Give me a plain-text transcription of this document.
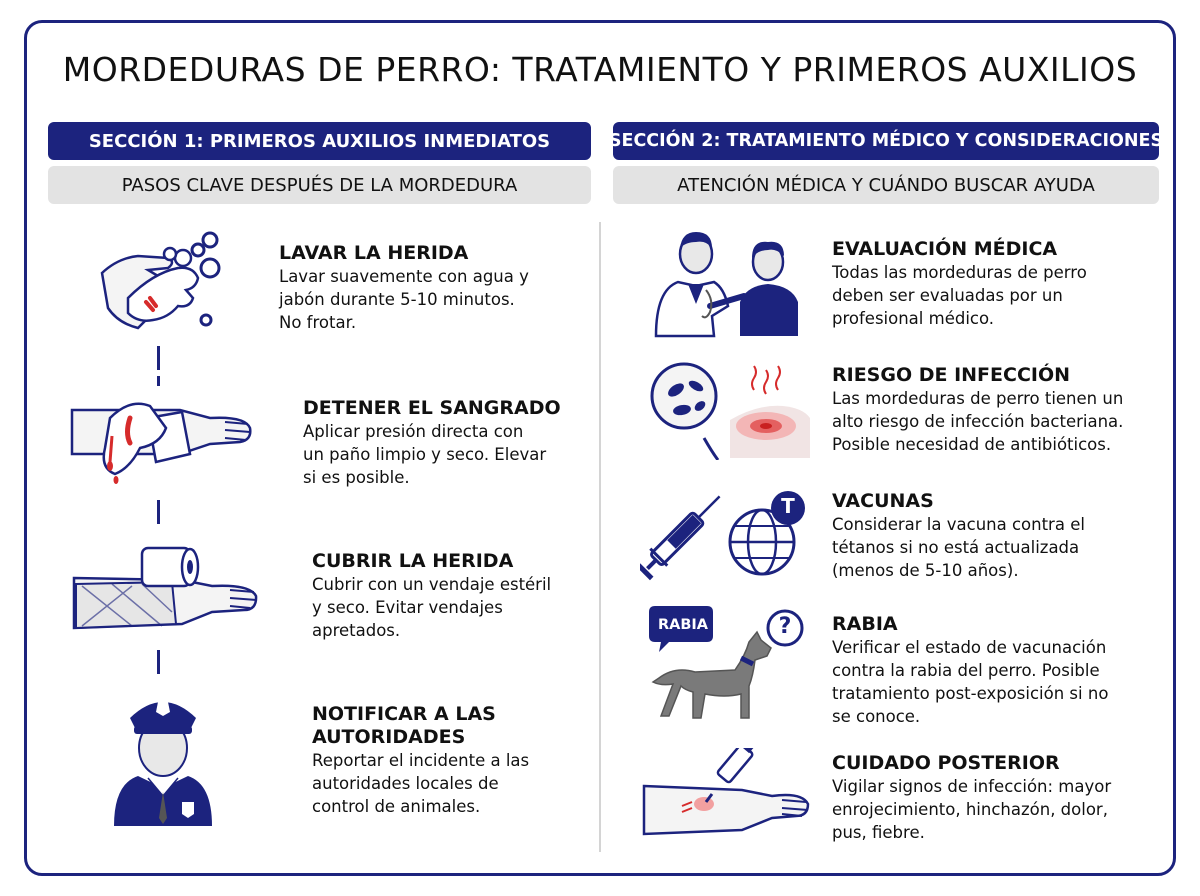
MORDEDURAS DE PERRO: TRATAMIENTO Y PRIMEROS AUXILIOS
SECCIÓN 1: PRIMEROS AUXILIOS INMEDIATOS	SECCIÓN 2: TRATAMIENTO MÉDICO Y CONSIDERACIONES
PASOS CLAVE DESPUÉS DE LA MORDEDURA	ATENCIÓN MÉDICA Y CUÁNDO BUSCAR AYUDA
LAVAR LA HERIDA

Lavar suavemente con agua y
jabón durante 5-10 minutos.
No frotar.

DETENER EL SANGRADO

Aplicar presión directa con
un paño limpio y seco. Elevar
si es posible.

CUBRIR LA HERIDA

Cubrir con un vendaje estéril
y seco. Evitar vendajes
apretados.

NOTIFICAR A LAS
AUTORIDADES

Reportar el incidente a las
autoridades locales de
control de animales.

T
RABIA	?
EVALUACIÓN MÉDICA

Todas las mordeduras de perro
deben ser evaluadas por un
profesional médico.

RIESGO DE INFECCIÓN

Las mordeduras de perro tienen un
alto riesgo de infección bacteriana.
Posible necesidad de antibióticos.

VACUNAS

Considerar la vacuna contra el
tétanos si no está actualizada
(menos de 5-10 años).

RABIA

Verificar el estado de vacunación
contra la rabia del perro. Posible
tratamiento post-exposición si no
se conoce.

CUIDADO POSTERIOR

Vigilar signos de infección: mayor
enrojecimiento, hinchazón, dolor,
pus, fiebre.
